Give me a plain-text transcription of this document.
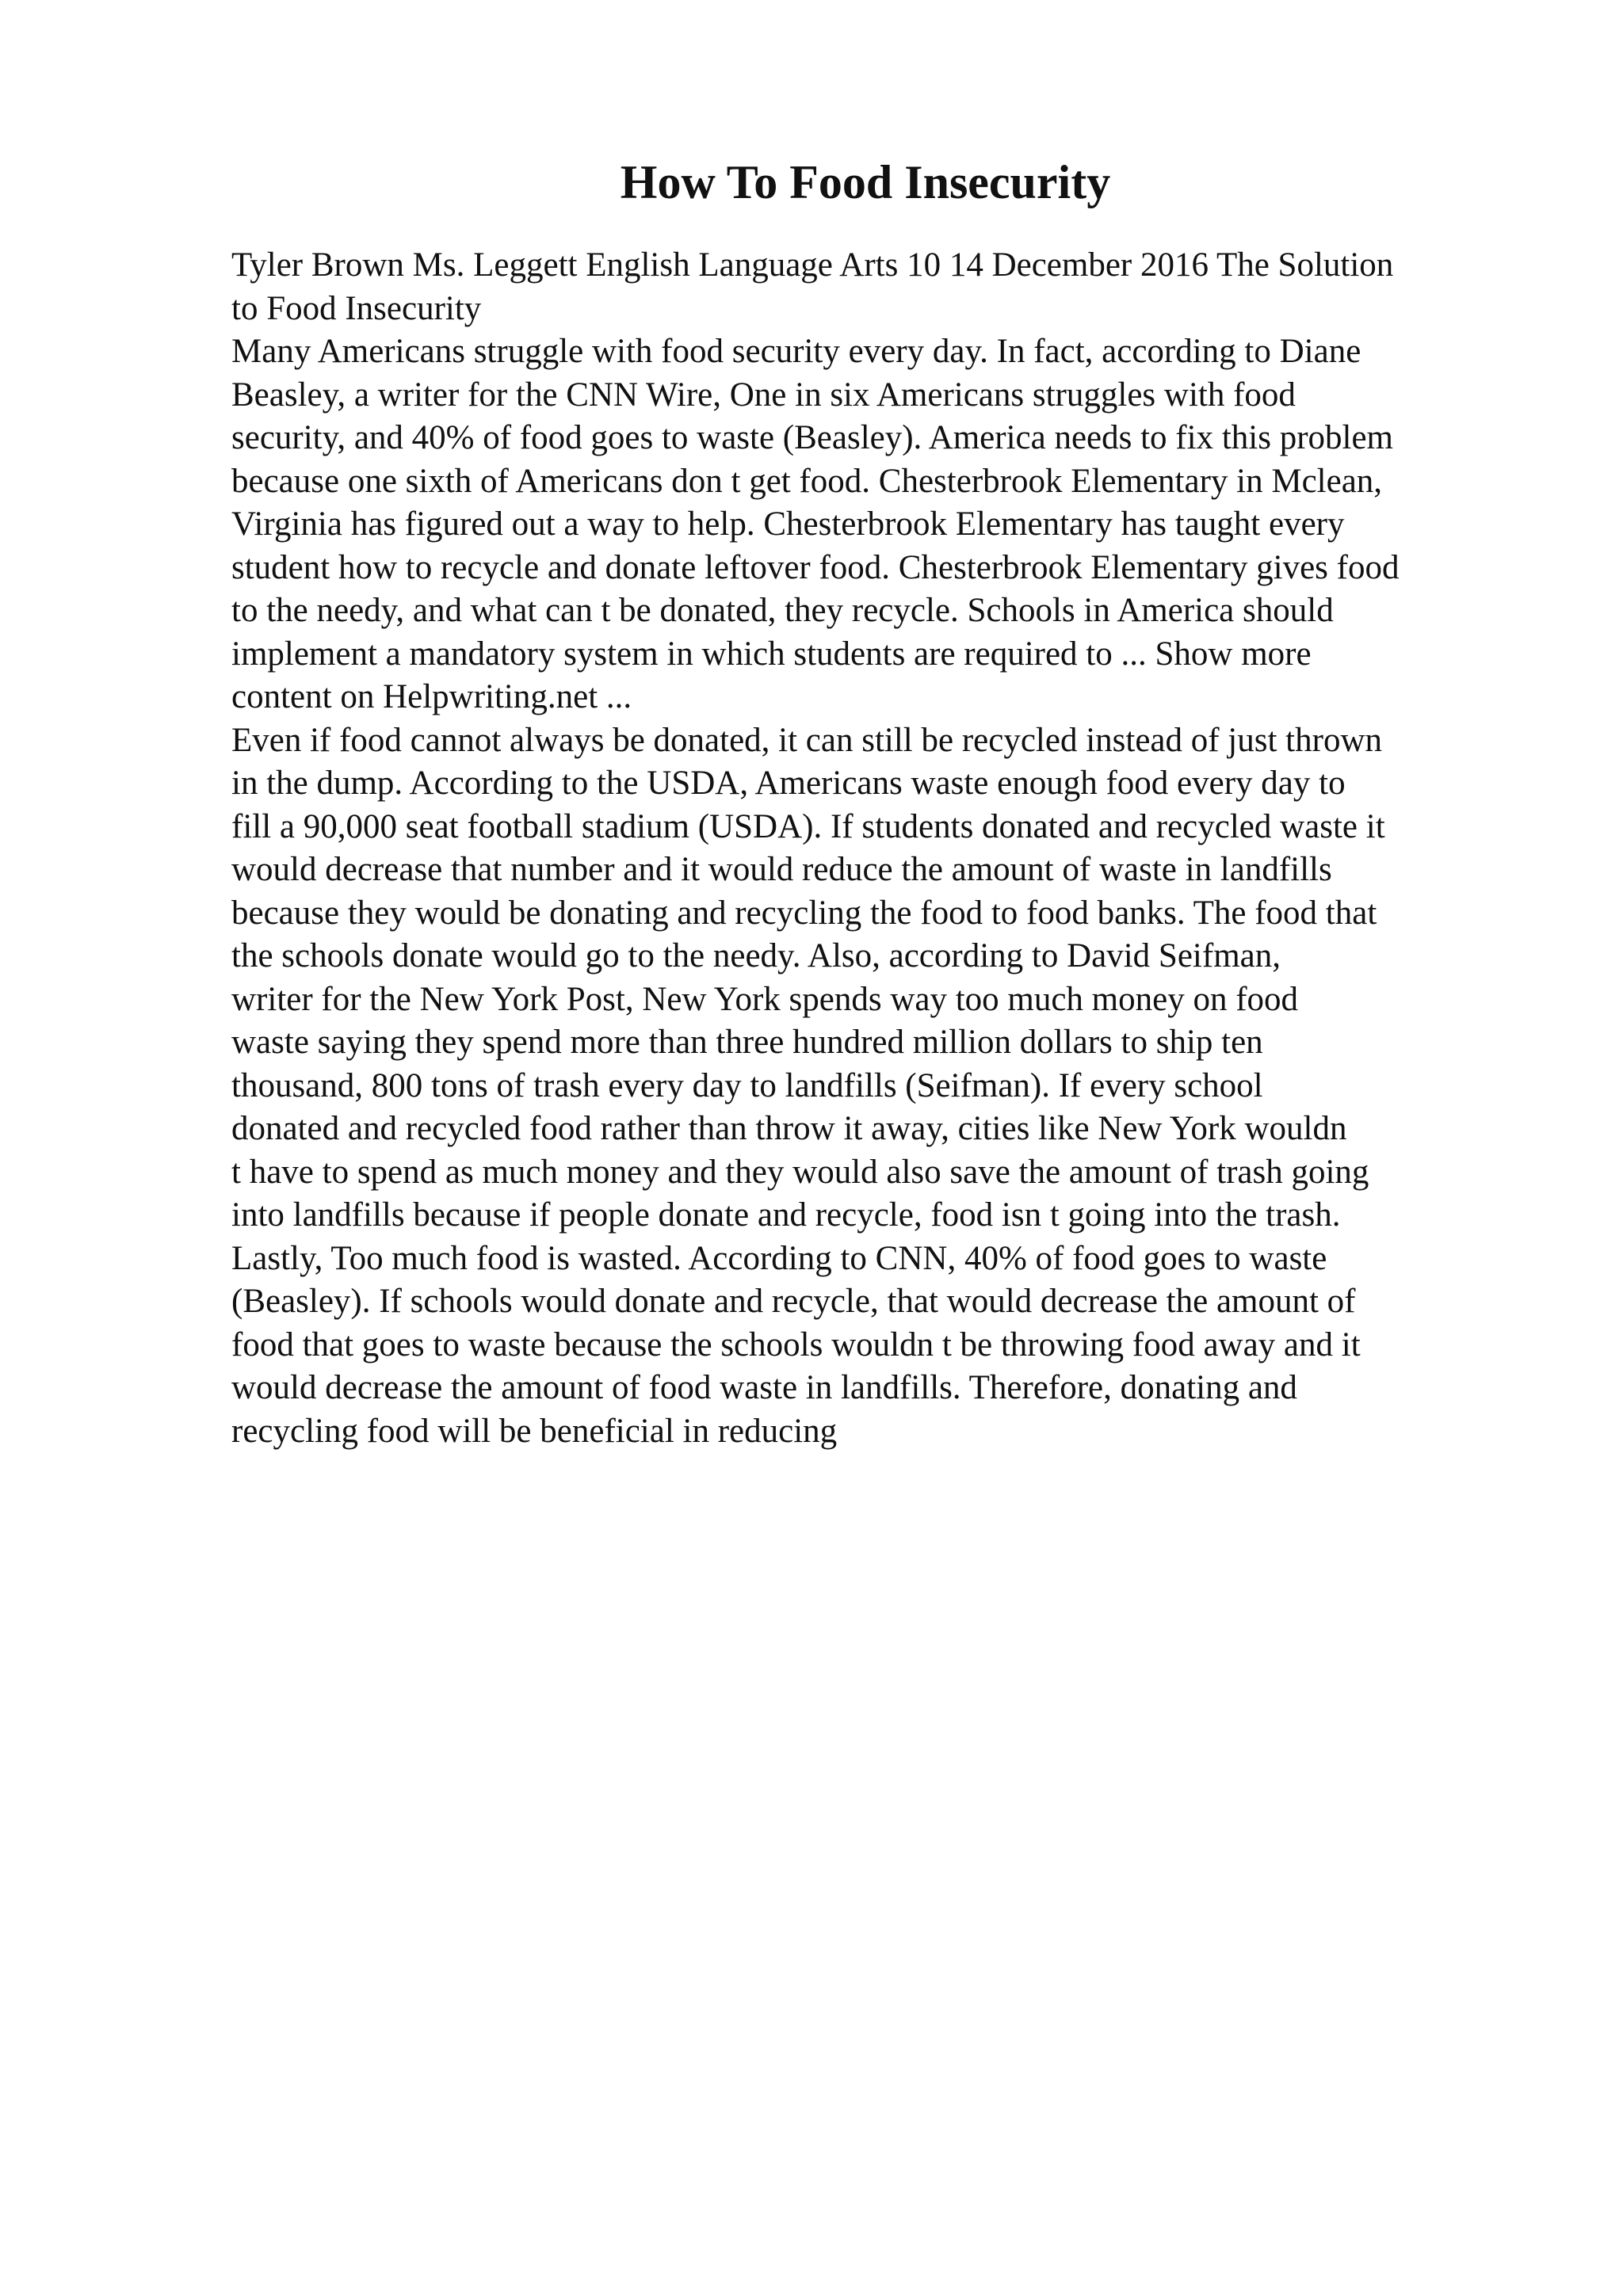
How To Food Insecurity

Tyler Brown Ms. Leggett English Language Arts 10 14 December 2016 The Solution
to Food Insecurity

Many Americans struggle with food security every day. In fact, according to Diane
Beasley, a writer for the CNN Wire, One in six Americans struggles with food
security, and 40% of food goes to waste (Beasley). America needs to fix this problem
because one sixth of Americans don t get food. Chesterbrook Elementary in Mclean,
Virginia has figured out a way to help. Chesterbrook Elementary has taught every
student how to recycle and donate leftover food. Chesterbrook Elementary gives food
to the needy, and what can t be donated, they recycle. Schools in America should
implement a mandatory system in which students are required to ... Show more
content on Helpwriting.net ...

Even if food cannot always be donated, it can still be recycled instead of just thrown
in the dump. According to the USDA, Americans waste enough food every day to
fill a 90,000 seat football stadium (USDA). If students donated and recycled waste it
would decrease that number and it would reduce the amount of waste in landfills
because they would be donating and recycling the food to food banks. The food that
the schools donate would go to the needy. Also, according to David Seifman,
writer for the New York Post, New York spends way too much money on food
waste saying they spend more than three hundred million dollars to ship ten
thousand, 800 tons of trash every day to landfills (Seifman). If every school
donated and recycled food rather than throw it away, cities like New York wouldn
t have to spend as much money and they would also save the amount of trash going
into landfills because if people donate and recycle, food isn t going into the trash.
Lastly, Too much food is wasted. According to CNN, 40% of food goes to waste
(Beasley). If schools would donate and recycle, that would decrease the amount of
food that goes to waste because the schools wouldn t be throwing food away and it
would decrease the amount of food waste in landfills. Therefore, donating and
recycling food will be beneficial in reducing
